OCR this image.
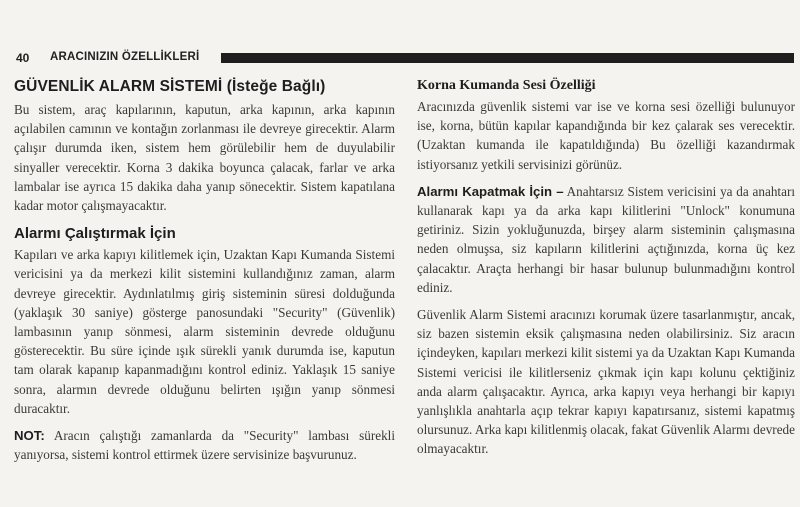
40 ARACINIZIN ÖZELLİKLERİ
GÜVENLİK ALARM SİSTEMİ (İsteğe Bağlı)

Bu sistem, araç kapılarının, kaputun, arka kapının, arka kapının açılabilen camının ve kontağın zorlanması ile devreye girecektir. Alarm çalışır durumda iken, sistem hem görülebilir hem de duyulabilir sinyaller verecektir. Korna 3 dakika boyunca çalacak, farlar ve arka lambalar ise ayrıca 15 dakika daha yanıp sönecektir. Sistem kapatılana kadar motor çalışmayacaktır.

Alarmı Çalıştırmak İçin

Kapıları ve arka kapıyı kilitlemek için, Uzaktan Kapı Kumanda Sistemi vericisini ya da merkezi kilit sistemini kullandığınız zaman, alarm devreye girecektir. Aydınlatılmış giriş sisteminin süresi dolduğunda (yaklaşık 30 saniye) gösterge panosundaki "Security" (Güvenlik) lambasının yanıp sönmesi, alarm sisteminin devrede olduğunu gösterecektir. Bu süre içinde ışık sürekli yanık durumda ise, kaputun tam olarak kapanıp kapanmadığını kontrol ediniz. Yaklaşık 15 saniye sonra, alarmın devrede olduğunu belirten ışığın yanıp sönmesi duracaktır.

NOT: Aracın çalıştığı zamanlarda da "Security" lambası sürekli yanıyorsa, sistemi kontrol ettirmek üzere servisinize başvurunuz.

Korna Kumanda Sesi Özelliği

Aracınızda güvenlik sistemi var ise ve korna sesi özelliği bulunuyor ise, korna, bütün kapılar kapandığında bir kez çalarak ses verecektir. (Uzaktan kumanda ile kapatıldığında) Bu özelliği kazandırmak istiyorsanız yetkili servisinizi görünüz.

Alarmı Kapatmak İçin – Anahtarsız Sistem vericisini ya da anahtarı kullanarak kapı ya da arka kapı kilitlerini "Unlock" konumuna getiriniz. Sizin yokluğunuzda, birşey alarm sisteminin çalışmasına neden olmuşsa, siz kapıların kilitlerini açtığınızda, korna üç kez çalacaktır. Araçta herhangi bir hasar bulunup bulunmadığını kontrol ediniz.

Güvenlik Alarm Sistemi aracınızı korumak üzere tasarlanmıştır, ancak, siz bazen sistemin eksik çalışmasına neden olabilirsiniz. Siz aracın içindeyken, kapıları merkezi kilit sistemi ya da Uzaktan Kapı Kumanda Sistemi vericisi ile kilitlerseniz çıkmak için kapı kolunu çektiğiniz anda alarm çalışacaktır. Ayrıca, arka kapıyı veya herhangi bir kapıyı yanlışlıkla anahtarla açıp tekrar kapıyı kapatırsanız, sistemi kapatmış olursunuz. Arka kapı kilitlenmiş olacak, fakat Güvenlik Alarmı devrede olmayacaktır.
